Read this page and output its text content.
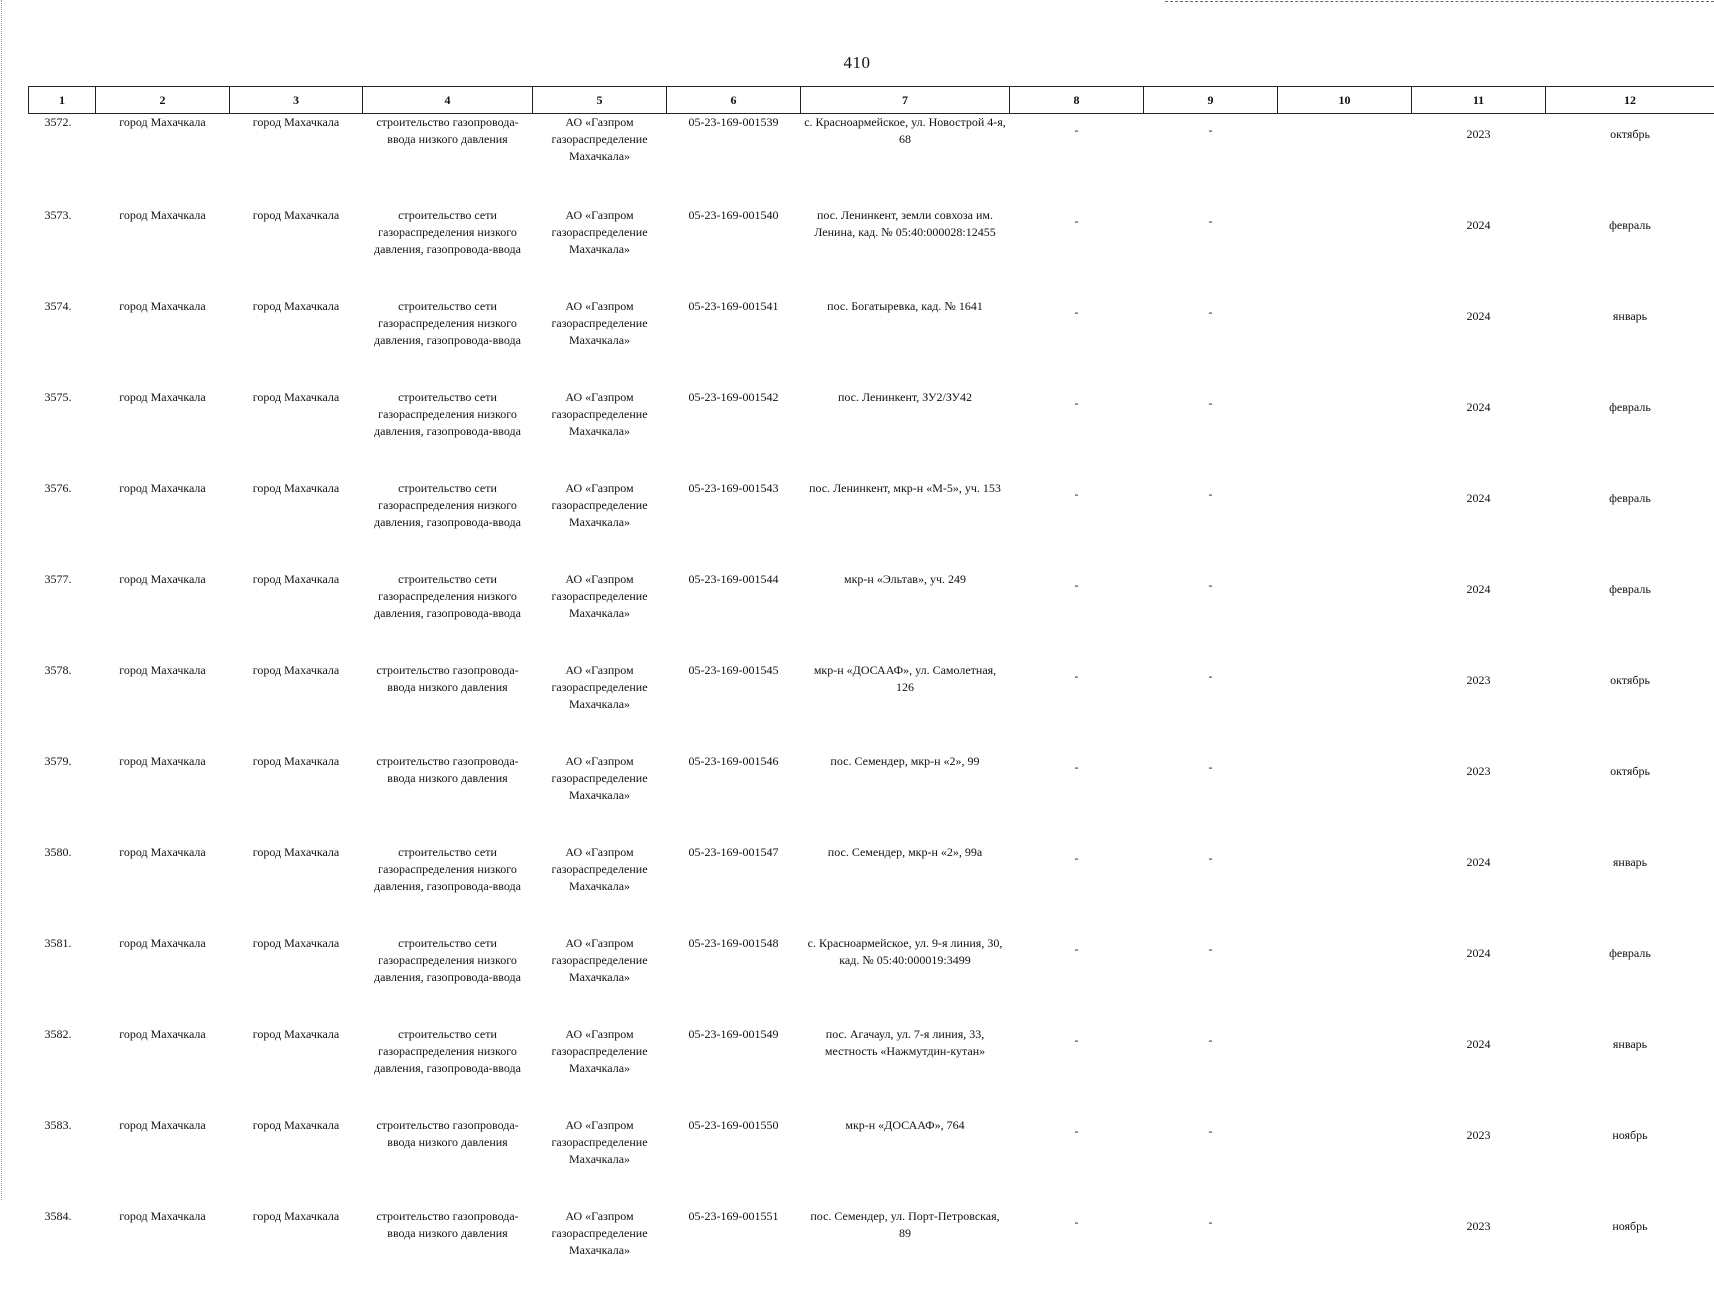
410
1	2	3	4	5	6	7	8	9	10	11	12
3572.	город Махачкала	город Махачкала	строительство газопровода-ввода низкого давления	АО «Газпром газораспределение Махачкала»	05-23-169-001539	с. Красноармейское, ул. Новострой 4-я, 68	-	-		2023	октябрь
3573.	город Махачкала	город Махачкала	строительство сети газораспределения низкого давления, газопровода-ввода	АО «Газпром газораспределение Махачкала»	05-23-169-001540	пос. Ленинкент, земли совхоза им. Ленина, кад. № 05:40:000028:12455	-	-		2024	февраль
3574.	город Махачкала	город Махачкала	строительство сети газораспределения низкого давления, газопровода-ввода	АО «Газпром газораспределение Махачкала»	05-23-169-001541	пос. Богатыревка, кад. № 1641	-	-		2024	январь
3575.	город Махачкала	город Махачкала	строительство сети газораспределения низкого давления, газопровода-ввода	АО «Газпром газораспределение Махачкала»	05-23-169-001542	пос. Ленинкент, ЗУ2/ЗУ42	-	-		2024	февраль
3576.	город Махачкала	город Махачкала	строительство сети газораспределения низкого давления, газопровода-ввода	АО «Газпром газораспределение Махачкала»	05-23-169-001543	пос. Ленинкент, мкр-н «М-5», уч. 153	-	-		2024	февраль
3577.	город Махачкала	город Махачкала	строительство сети газораспределения низкого давления, газопровода-ввода	АО «Газпром газораспределение Махачкала»	05-23-169-001544	мкр-н «Эльтав», уч. 249	-	-		2024	февраль
3578.	город Махачкала	город Махачкала	строительство газопровода-ввода низкого давления	АО «Газпром газораспределение Махачкала»	05-23-169-001545	мкр-н «ДОСААФ», ул. Самолетная, 126	-	-		2023	октябрь
3579.	город Махачкала	город Махачкала	строительство газопровода-ввода низкого давления	АО «Газпром газораспределение Махачкала»	05-23-169-001546	пос. Семендер, мкр-н «2», 99	-	-		2023	октябрь
3580.	город Махачкала	город Махачкала	строительство сети газораспределения низкого давления, газопровода-ввода	АО «Газпром газораспределение Махачкала»	05-23-169-001547	пос. Семендер, мкр-н «2», 99а	-	-		2024	январь
3581.	город Махачкала	город Махачкала	строительство сети газораспределения низкого давления, газопровода-ввода	АО «Газпром газораспределение Махачкала»	05-23-169-001548	с. Красноармейское, ул. 9-я линия, 30, кад. № 05:40:000019:3499	-	-		2024	февраль
3582.	город Махачкала	город Махачкала	строительство сети газораспределения низкого давления, газопровода-ввода	АО «Газпром газораспределение Махачкала»	05-23-169-001549	пос. Агачаул, ул. 7-я линия, 33, местность «Нажмутдин-кутан»	-	-		2024	январь
3583.	город Махачкала	город Махачкала	строительство газопровода-ввода низкого давления	АО «Газпром газораспределение Махачкала»	05-23-169-001550	мкр-н «ДОСААФ», 764	-	-		2023	ноябрь
3584.	город Махачкала	город Махачкала	строительство газопровода-ввода низкого давления	АО «Газпром газораспределение Махачкала»	05-23-169-001551	пос. Семендер, ул. Порт-Петровская, 89	-	-		2023	ноябрь
